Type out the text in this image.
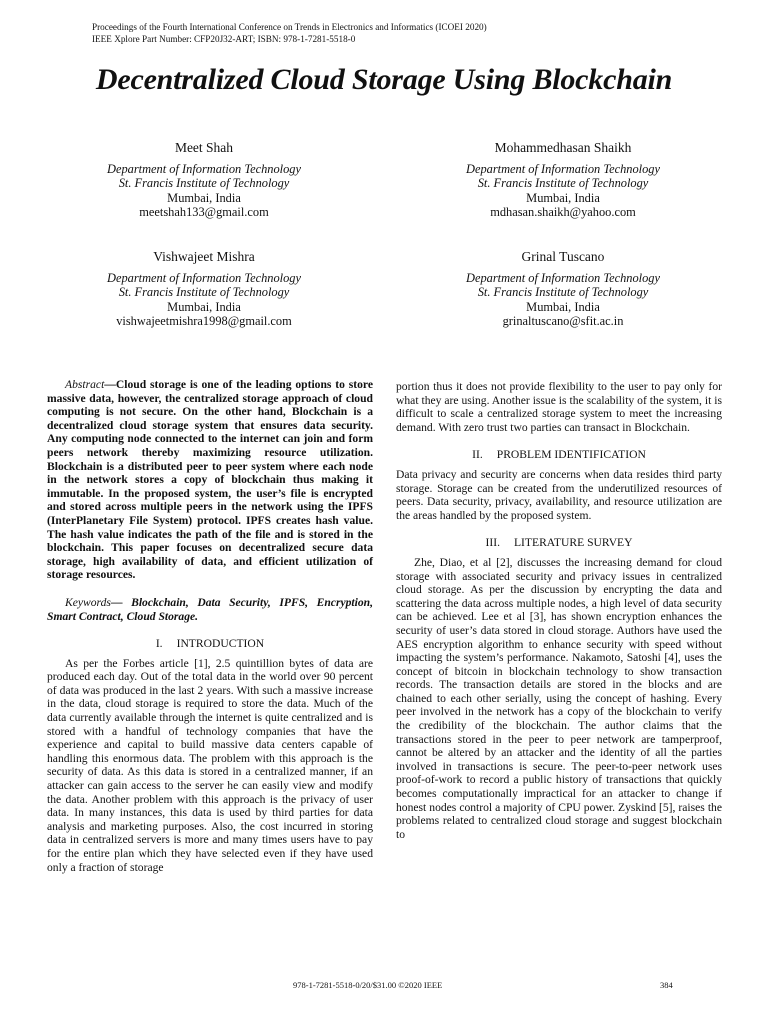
Proceedings of the Fourth International Conference on Trends in Electronics and Informatics (ICOEI 2020)
IEEE Xplore Part Number: CFP20J32-ART; ISBN: 978-1-7281-5518-0
Decentralized Cloud Storage Using Blockchain
Meet Shah
Department of Information Technology
St. Francis Institute of Technology
Mumbai, India
meetshah133@gmail.com
Mohammedhasan Shaikh
Department of Information Technology
St. Francis Institute of Technology
Mumbai, India
mdhasan.shaikh@yahoo.com
Vishwajeet Mishra
Department of Information Technology
St. Francis Institute of Technology
Mumbai, India
vishwajeetmishra1998@gmail.com
Grinal Tuscano
Department of Information Technology
St. Francis Institute of Technology
Mumbai, India
grinaltuscano@sfit.ac.in

Abstract—Cloud storage is one of the leading options to store massive data, however, the centralized storage approach of cloud computing is not secure. On the other hand, Blockchain is a decentralized cloud storage system that ensures data security. Any computing node connected to the internet can join and form peers network thereby maximizing resource utilization. Blockchain is a distributed peer to peer system where each node in the network stores a copy of blockchain thus making it immutable. In the proposed system, the user’s file is encrypted and stored across multiple peers in the network using the IPFS (InterPlanetary File System) protocol. IPFS creates hash value. The hash value indicates the path of the file and is stored in the blockchain. This paper focuses on decentralized secure data storage, high availability of data, and efficient utilization of storage resources.

Keywords— Blockchain, Data Security, IPFS, Encryption, Smart Contract, Cloud Storage.

I. INTRODUCTION

As per the Forbes article [1], 2.5 quintillion bytes of data are produced each day. Out of the total data in the world over 90 percent of data was produced in the last 2 years. With such a massive increase in the data, cloud storage is required to store the data. Much of the data currently available through the internet is quite centralized and is stored with a handful of technology companies that have the experience and capital to build massive data centers capable of handling this enormous data. The problem with this approach is the security of data. As this data is stored in a centralized manner, if an attacker can gain access to the server he can easily view and modify the data. Another problem with this approach is the privacy of user data. In many instances, this data is used by third parties for data analysis and marketing purposes. Also, the cost incurred in storing data in centralized servers is more and many times users have to pay for the entire plan which they have selected even if they have used only a fraction of storage

portion thus it does not provide flexibility to the user to pay only for what they are using. Another issue is the scalability of the system, it is difficult to scale a centralized storage system to meet the increasing demand. With zero trust two parties can transact in Blockchain.

II. PROBLEM IDENTIFICATION

Data privacy and security are concerns when data resides third party storage. Storage can be created from the underutilized resources of peers. Data security, privacy, availability, and resource utilization are the areas handled by the proposed system.

III. LITERATURE SURVEY

Zhe, Diao, et al [2], discusses the increasing demand for cloud storage with associated security and privacy issues in centralized cloud storage. As per the discussion by encrypting the data and scattering the data across multiple nodes, a high level of data security can be achieved. Lee et al [3], has shown encryption enhances the security of user’s data stored in cloud storage. Authors have used the AES encryption algorithm to enhance security with speed without impacting the system’s performance. Nakamoto, Satoshi [4], uses the concept of bitcoin in blockchain technology to show transaction records. The transaction details are stored in the blocks and are chained to each other serially, using the concept of hashing. Every peer involved in the network has a copy of the blockchain to verify the credibility of the blockchain. The author claims that the transactions stored in the peer to peer network are tamperproof, cannot be altered by an attacker and the identity of all the parties involved in transactions is secure. The peer-to-peer network uses proof-of-work to record a public history of transactions that quickly becomes computationally impractical for an attacker to change if honest nodes control a majority of CPU power. Zyskind [5], raises the problems related to centralized cloud storage and suggest blockchain to

978-1-7281-5518-0/20/$31.00 ©2020 IEEE	384
